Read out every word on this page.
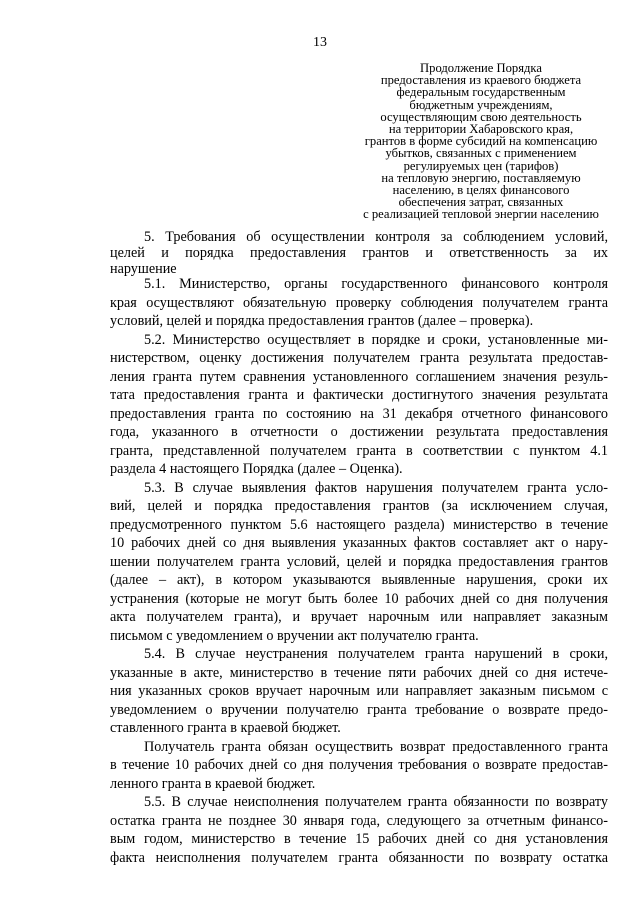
13
Продолжение Порядка
предоставления из краевого бюджета
федеральным государственным
бюджетным учреждениям,
осуществляющим свою деятельность
на территории Хабаровского края,
грантов в форме субсидий на компенсацию
убытков, связанных с применением
регулируемых цен (тарифов)
на тепловую энергию, поставляемую
населению, в целях финансового
обеспечения затрат, связанных
с реализацией тепловой энергии населению
5. Требования об осуществлении контроля за соблюдением условий,
целей и порядка предоставления грантов и ответственность за их
нарушение
5.1. Министерство, органы государственного финансового контроля
края осуществляют обязательную проверку соблюдения получателем гранта
условий, целей и порядка предоставления грантов (далее – проверка).
5.2. Министерство осуществляет в порядке и сроки, установленные ми-
нистерством, оценку достижения получателем гранта результата предостав-
ления гранта путем сравнения установленного соглашением значения резуль-
тата предоставления гранта и фактически достигнутого значения результата
предоставления гранта по состоянию на 31 декабря отчетного финансового
года, указанного в отчетности о достижении результата предоставления
гранта, представленной получателем гранта в соответствии с пунктом 4.1
раздела 4 настоящего Порядка (далее – Оценка).
5.3. В случае выявления фактов нарушения получателем гранта усло-
вий, целей и порядка предоставления грантов (за исключением случая,
предусмотренного пунктом 5.6 настоящего раздела) министерство в течение
10 рабочих дней со дня выявления указанных фактов составляет акт о нару-
шении получателем гранта условий, целей и порядка предоставления грантов
(далее – акт), в котором указываются выявленные нарушения, сроки их
устранения (которые не могут быть более 10 рабочих дней со дня получения
акта получателем гранта), и вручает нарочным или направляет заказным
письмом с уведомлением о вручении акт получателю гранта.
5.4. В случае неустранения получателем гранта нарушений в сроки,
указанные в акте, министерство в течение пяти рабочих дней со дня истече-
ния указанных сроков вручает нарочным или направляет заказным письмом с
уведомлением о вручении получателю гранта требование о возврате предо-
ставленного гранта в краевой бюджет.
Получатель гранта обязан осуществить возврат предоставленного гранта
в течение 10 рабочих дней со дня получения требования о возврате предостав-
ленного гранта в краевой бюджет.
5.5. В случае неисполнения получателем гранта обязанности по возврату
остатка гранта не позднее 30 января года, следующего за отчетным финансо-
вым годом, министерство в течение 15 рабочих дней со дня установления
факта неисполнения получателем гранта обязанности по возврату остатка
